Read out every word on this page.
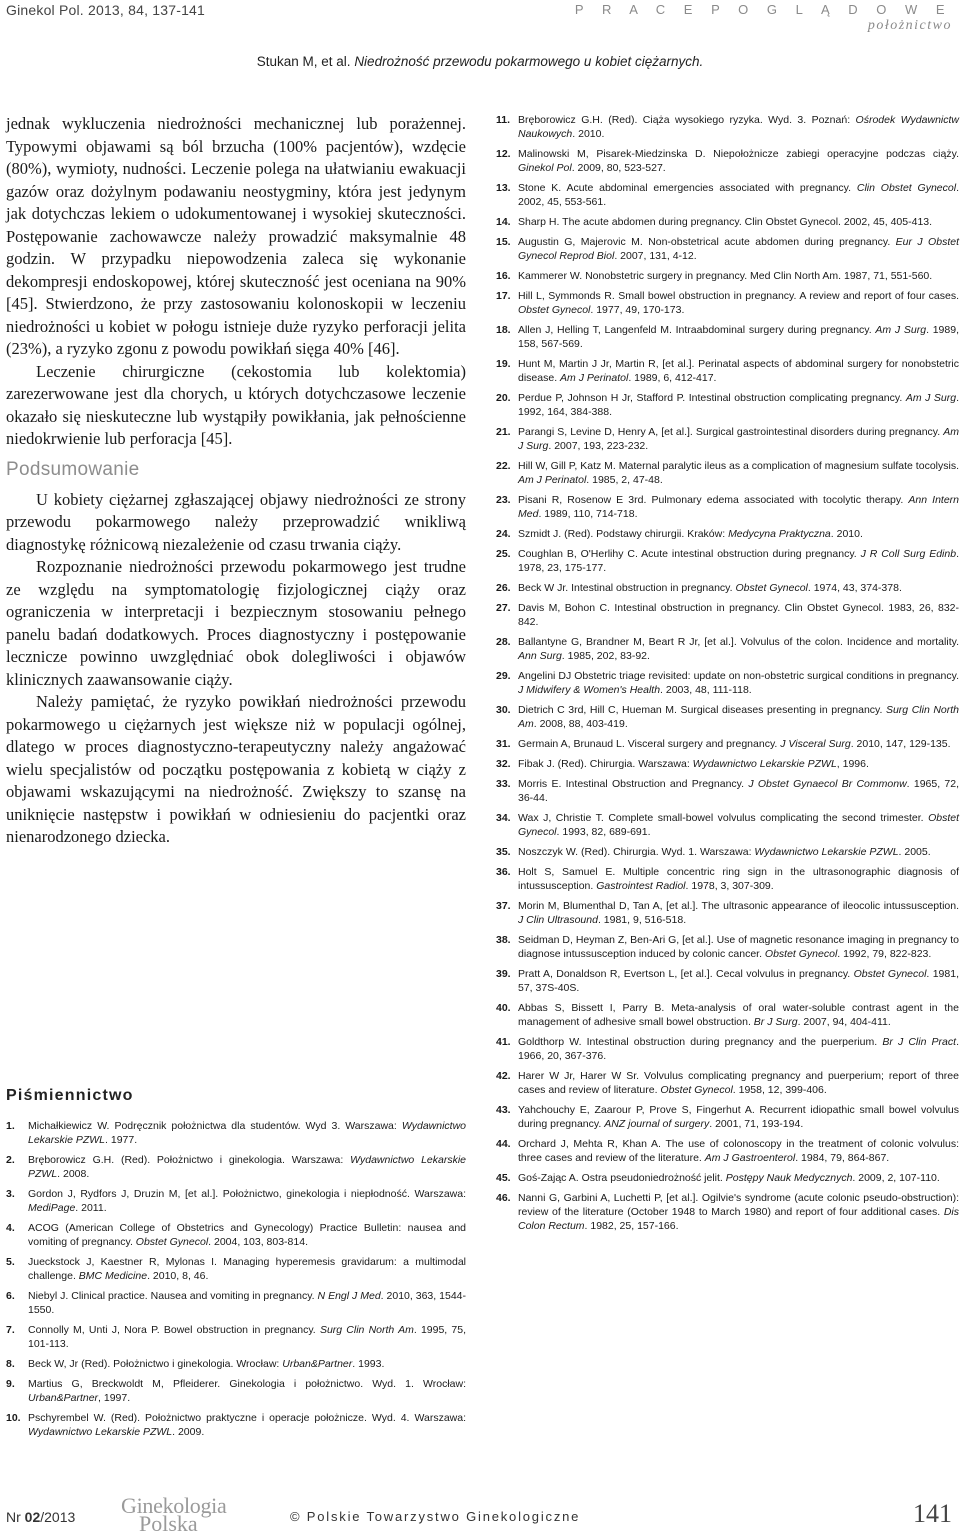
Ginekol Pol. 2013, 84, 137-141	P R A C E P O G L Ą D O W E
położnictwo
Stukan M, et al. Niedrożność przewodu pokarmowego u kobiet ciężarnych.

jednak wykluczenia niedrożności mechanicznej lub porażennej. Typowymi objawami są ból brzucha (100% pacjentów), wzdęcie (80%), wymioty, nudności. Leczenie polega na ułatwianiu ewakuacji gazów oraz dożylnym podawaniu neostygminy, która jest jedynym jak dotychczas lekiem o udokumentowanej i wysokiej skuteczności. Postępowanie zachowawcze należy prowadzić maksymalnie 48 godzin. W przypadku niepowodzenia zaleca się wykonanie dekompresji endoskopowej, której skuteczność jest oceniana na 90% [45]. Stwierdzono, że przy zastosowaniu kolonoskopii w leczeniu niedrożności u kobiet w połogu istnieje duże ryzyko perforacji jelita (23%), a ryzyko zgonu z powodu powikłań sięga 40% [46].

Leczenie chirurgiczne (cekostomia lub kolektomia) zarezerwowane jest dla chorych, u których dotychczasowe leczenie okazało się nieskuteczne lub wystąpiły powikłania, jak pełnościenne niedokrwienie lub perforacja [45].

Podsumowanie

U kobiety ciężarnej zgłaszającej objawy niedrożności ze strony przewodu pokarmowego należy przeprowadzić wnikliwą diagnostykę różnicową niezależenie od czasu trwania ciąży.

Rozpoznanie niedrożności przewodu pokarmowego jest trudne ze względu na symptomatologię fizjologicznej ciąży oraz ograniczenia w interpretacji i bezpiecznym stosowaniu pełnego panelu badań dodatkowych. Proces diagnostyczny i postępowanie lecznicze powinno uwzględniać obok dolegliwości i objawów klinicznych zaawansowanie ciąży.

Należy pamiętać, że ryzyko powikłań niedrożności przewodu pokarmowego u ciężarnych jest większe niż w populacji ogólnej, dlatego w proces diagnostyczno-terapeutyczny należy angażować wielu specjalistów od początku postępowania z kobietą w ciąży z objawami wskazującymi na niedrożność. Zwiększy to szansę na uniknięcie następstw i powikłań w odniesieniu do pacjentki oraz nienarodzonego dziecka.

Piśmiennictwo
1. Michałkiewicz W. Podręcznik położnictwa dla studentów. Wyd 3. Warszawa: Wydawnictwo Lekarskie PZWL. 1977.
2. Bręborowicz G.H. (Red). Położnictwo i ginekologia. Warszawa: Wydawnictwo Lekarskie PZWL. 2008.
3. Gordon J, Rydfors J, Druzin M, [et al.]. Położnictwo, ginekologia i niepłodność. Warszawa: MediPage. 2011.
4. ACOG (American College of Obstetrics and Gynecology) Practice Bulletin: nausea and vomiting of pregnancy. Obstet Gynecol. 2004, 103, 803-814.
5. Jueckstock J, Kaestner R, Mylonas I. Managing hyperemesis gravidarum: a multimodal challenge. BMC Medicine. 2010, 8, 46.
6. Niebyl J. Clinical practice. Nausea and vomiting in pregnancy. N Engl J Med. 2010, 363, 1544-1550.
7. Connolly M, Unti J, Nora P. Bowel obstruction in pregnancy. Surg Clin North Am. 1995, 75, 101-113.
8. Beck W, Jr (Red). Położnictwo i ginekologia. Wrocław: Urban&Partner. 1993.
9. Martius G, Breckwoldt M, Pfleiderer. Ginekologia i położnictwo. Wyd. 1. Wrocław: Urban&Partner, 1997.
10. Pschyrembel W. (Red). Położnictwo praktyczne i operacje położnicze. Wyd. 4. Warszawa: Wydawnictwo Lekarskie PZWL. 2009.
11. Bręborowicz G.H. (Red). Ciąża wysokiego ryzyka. Wyd. 3. Poznań: Ośrodek Wydawnictw Naukowych. 2010.
12. Malinowski M, Pisarek-Miedzinska D. Niepołożnicze zabiegi operacyjne podczas ciąży. Ginekol Pol. 2009, 80, 523-527.
13. Stone K. Acute abdominal emergencies associated with pregnancy. Clin Obstet Gynecol. 2002, 45, 553-561.
14. Sharp H. The acute abdomen during pregnancy. Clin Obstet Gynecol. 2002, 45, 405-413.
15. Augustin G, Majerovic M. Non-obstetrical acute abdomen during pregnancy. Eur J Obstet Gynecol Reprod Biol. 2007, 131, 4-12.
16. Kammerer W. Nonobstetric surgery in pregnancy. Med Clin North Am. 1987, 71, 551-560.
17. Hill L, Symmonds R. Small bowel obstruction in pregnancy. A review and report of four cases. Obstet Gynecol. 1977, 49, 170-173.
18. Allen J, Helling T, Langenfeld M. Intraabdominal surgery during pregnancy. Am J Surg. 1989, 158, 567-569.
19. Hunt M, Martin J Jr, Martin R, [et al.]. Perinatal aspects of abdominal surgery for nonobstetric disease. Am J Perinatol. 1989, 6, 412-417.
20. Perdue P, Johnson H Jr, Stafford P. Intestinal obstruction complicating pregnancy. Am J Surg. 1992, 164, 384-388.
21. Parangi S, Levine D, Henry A, [et al.]. Surgical gastrointestinal disorders during pregnancy. Am J Surg. 2007, 193, 223-232.
22. Hill W, Gill P, Katz M. Maternal paralytic ileus as a complication of magnesium sulfate tocolysis. Am J Perinatol. 1985, 2, 47-48.
23. Pisani R, Rosenow E 3rd. Pulmonary edema associated with tocolytic therapy. Ann Intern Med. 1989, 110, 714-718.
24. Szmidt J. (Red). Podstawy chirurgii. Kraków: Medycyna Praktyczna. 2010.
25. Coughlan B, O'Herlihy C. Acute intestinal obstruction during pregnancy. J R Coll Surg Edinb. 1978, 23, 175-177.
26. Beck W Jr. Intestinal obstruction in pregnancy. Obstet Gynecol. 1974, 43, 374-378.
27. Davis M, Bohon C. Intestinal obstruction in pregnancy. Clin Obstet Gynecol. 1983, 26, 832-842.
28. Ballantyne G, Brandner M, Beart R Jr, [et al.]. Volvulus of the colon. Incidence and mortality. Ann Surg. 1985, 202, 83-92.
29. Angelini DJ Obstetric triage revisited: update on non-obstetric surgical conditions in pregnancy. J Midwifery & Women's Health. 2003, 48, 111-118.
30. Dietrich C 3rd, Hill C, Hueman M. Surgical diseases presenting in pregnancy. Surg Clin North Am. 2008, 88, 403-419.
31. Germain A, Brunaud L. Visceral surgery and pregnancy. J Visceral Surg. 2010, 147, 129-135.
32. Fibak J. (Red). Chirurgia. Warszawa: Wydawnictwo Lekarskie PZWL, 1996.
33. Morris E. Intestinal Obstruction and Pregnancy. J Obstet Gynaecol Br Commonw. 1965, 72, 36-44.
34. Wax J, Christie T. Complete small-bowel volvulus complicating the second trimester. Obstet Gynecol. 1993, 82, 689-691.
35. Noszczyk W. (Red). Chirurgia. Wyd. 1. Warszawa: Wydawnictwo Lekarskie PZWL. 2005.
36. Holt S, Samuel E. Multiple concentric ring sign in the ultrasonographic diagnosis of intussusception. Gastrointest Radiol. 1978, 3, 307-309.
37. Morin M, Blumenthal D, Tan A, [et al.]. The ultrasonic appearance of ileocolic intussusception. J Clin Ultrasound. 1981, 9, 516-518.
38. Seidman D, Heyman Z, Ben-Ari G, [et al.]. Use of magnetic resonance imaging in pregnancy to diagnose intussusception induced by colonic cancer. Obstet Gynecol. 1992, 79, 822-823.
39. Pratt A, Donaldson R, Evertson L, [et al.]. Cecal volvulus in pregnancy. Obstet Gynecol. 1981, 57, 37S-40S.
40. Abbas S, Bissett I, Parry B. Meta-analysis of oral water-soluble contrast agent in the management of adhesive small bowel obstruction. Br J Surg. 2007, 94, 404-411.
41. Goldthorp W. Intestinal obstruction during pregnancy and the puerperium. Br J Clin Pract. 1966, 20, 367-376.
42. Harer W Jr, Harer W Sr. Volvulus complicating pregnancy and puerperium; report of three cases and review of literature. Obstet Gynecol. 1958, 12, 399-406.
43. Yahchouchy E, Zaarour P, Prove S, Fingerhut A. Recurrent idiopathic small bowel volvulus during pregnancy. ANZ journal of surgery. 2001, 71, 193-194.
44. Orchard J, Mehta R, Khan A. The use of colonoscopy in the treatment of colonic volvulus: three cases and review of the literature. Am J Gastroenterol. 1984, 79, 864-867.
45. Goś-Zając A. Ostra pseudoniedrożność jelit. Postępy Nauk Medycznych. 2009, 2, 107-110.
46. Nanni G, Garbini A, Luchetti P, [et al.]. Ogilvie's syndrome (acute colonic pseudo-obstruction): review of the literature (October 1948 to March 1980) and report of four additional cases. Dis Colon Rectum. 1982, 25, 157-166.
Nr 02/2013 Ginekologia
Polska	© Polskie Towarzystwo Ginekologiczne	141
